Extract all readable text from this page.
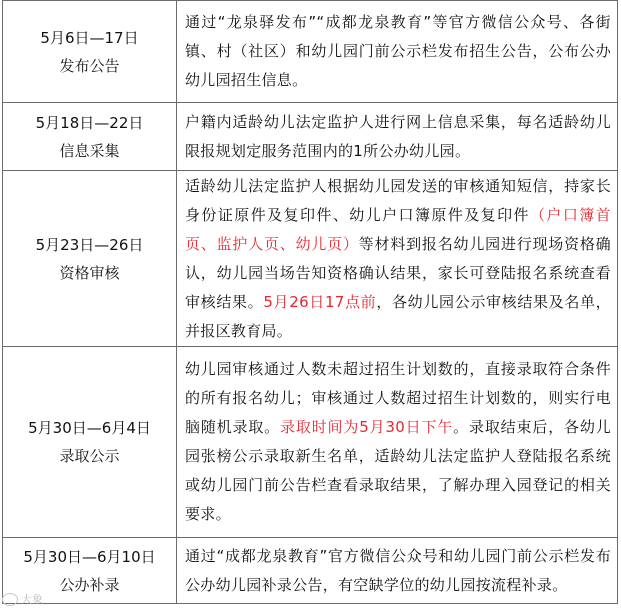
5月6日—17日
发布公告	通过“龙泉驿发布”“成都龙泉教育”等官方微信公众号、各街镇、村（社区）和幼儿园门前公示栏发布招生公告，公布公办幼儿园招生信息。

5月18日—22日
信息采集	户籍内适龄幼儿法定监护人进行网上信息采集，每名适龄幼儿限报规划定服务范围内的1所公办幼儿园。

5月23日—26日
资格审核	适龄幼儿法定监护人根据幼儿园发送的审核通知短信，持家长身份证原件及复印件、幼儿户口簿原件及复印件（户口簿首页、监护人页、幼儿页）等材料到报名幼儿园进行现场资格确认，幼儿园当场告知资格确认结果，家长可登陆报名系统查看审核结果。5月26日17点前，各幼儿园公示审核结果及名单，并报区教育局。

5月30日—6月4日
录取公示	幼儿园审核通过人数未超过招生计划数的，直接录取符合条件的所有报名幼儿；审核通过人数超过招生计划数的，则实行电脑随机录取。录取时间为5月30日下午。录取结束后，各幼儿园张榜公示录取新生名单，适龄幼儿法定监护人登陆报名系统或幼儿园门前公告栏查看录取结果，了解办理入园登记的相关要求。

5月30日—6月10日
公办补录	通过“成都龙泉教育”官方微信公众号和幼儿园门前公示栏发布公办幼儿园补录公告，有空缺学位的幼儿园按流程补录。
大象
